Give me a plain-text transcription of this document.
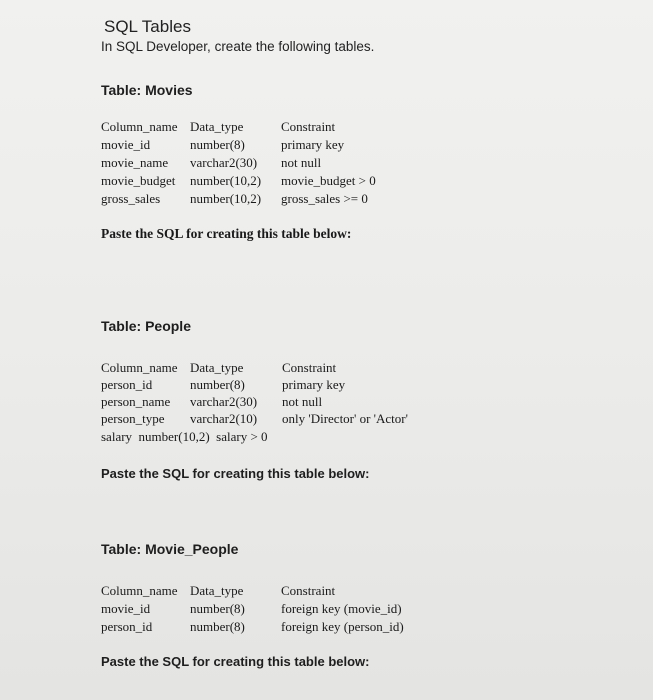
SQL Tables
In SQL Developer, create the following tables.
Table: Movies
Column_name Data_type	Constraint
movie_id	number(8)	primary key
movie_name varchar2(30) not null
movie_budget number(10,2) movie_budget > 0
gross_sales number(10,2) gross_sales >= 0
Paste the SQL for creating this table below:
Table: People
Column_name Data_type	Constraint
person_id	number(8)	primary key
person_name varchar2(30) not null
person_type varchar2(10) only 'Director' or 'Actor'
salary  number(10,2)  salary > 0
Paste the SQL for creating this table below:
Table: Movie_People
Column_name Data_type	Constraint
movie_id	number(8)	foreign key (movie_id)
person_id	number(8)	foreign key (person_id)
Paste the SQL for creating this table below:
